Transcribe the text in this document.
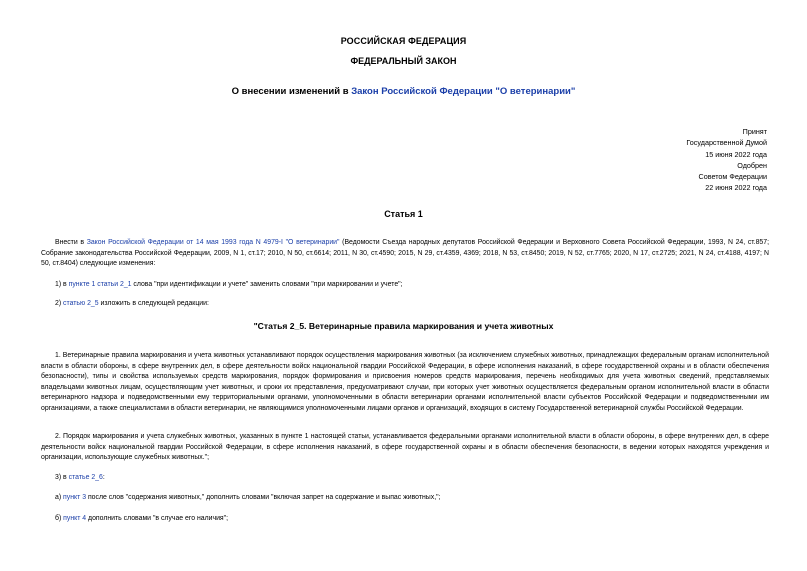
РОССИЙСКАЯ ФЕДЕРАЦИЯ
ФЕДЕРАЛЬНЫЙ ЗАКОН
О внесении изменений в Закон Российской Федерации "О ветеринарии"
Принят
Государственной Думой
15 июня 2022 года
Одобрен
Советом Федерации
22 июня 2022 года
Статья 1
Внести в Закон Российской Федерации от 14 мая 1993 года N 4979-I "О ветеринарии" (Ведомости Съезда народных депутатов Российской Федерации и Верховного Совета Российской Федерации, 1993, N 24, ст.857; Собрание законодательства Российской Федерации, 2009, N 1, ст.17; 2010, N 50, ст.6614; 2011, N 30, ст.4590; 2015, N 29, ст.4359, 4369; 2018, N 53, ст.8450; 2019, N 52, ст.7765; 2020, N 17, ст.2725; 2021, N 24, ст.4188, 4197; N 50, ст.8404) следующие изменения:
1) в пункте 1 статьи 2_1 слова "при идентификации и учете" заменить словами "при маркировании и учете";
2) статью 2_5 изложить в следующей редакции:
"Статья 2_5. Ветеринарные правила маркирования и учета животных
1. Ветеринарные правила маркирования и учета животных устанавливают порядок осуществления маркирования животных (за исключением служебных животных, принадлежащих федеральным органам исполнительной власти в области обороны, в сфере внутренних дел, в сфере деятельности войск национальной гвардии Российской Федерации, в сфере исполнения наказаний, в сфере государственной охраны и в области обеспечения безопасности), типы и свойства используемых средств маркирования, порядок формирования и присвоения номеров средств маркирования, перечень необходимых для учета животных сведений, представляемых владельцами животных лицам, осуществляющим учет животных, и сроки их представления, предусматривают случаи, при которых учет животных осуществляется федеральным органом исполнительной власти в области ветеринарного надзора и подведомственными ему территориальными органами, уполномоченными в области ветеринарии органами исполнительной власти субъектов Российской Федерации и подведомственными им организациями, а также специалистами в области ветеринарии, не являющимися уполномоченными лицами органов и организаций, входящих в систему Государственной ветеринарной службы Российской Федерации.
2. Порядок маркирования и учета служебных животных, указанных в пункте 1 настоящей статьи, устанавливается федеральными органами исполнительной власти в области обороны, в сфере внутренних дел, в сфере деятельности войск национальной гвардии Российской Федерации, в сфере исполнения наказаний, в сфере государственной охраны и в области обеспечения безопасности, в ведении которых находятся учреждения и организации, использующие служебных животных.";
3) в статье 2_6:
а) пункт 3 после слов "содержания животных," дополнить словами "включая запрет на содержание и выпас животных,";
б) пункт 4 дополнить словами "в случае его наличия";
